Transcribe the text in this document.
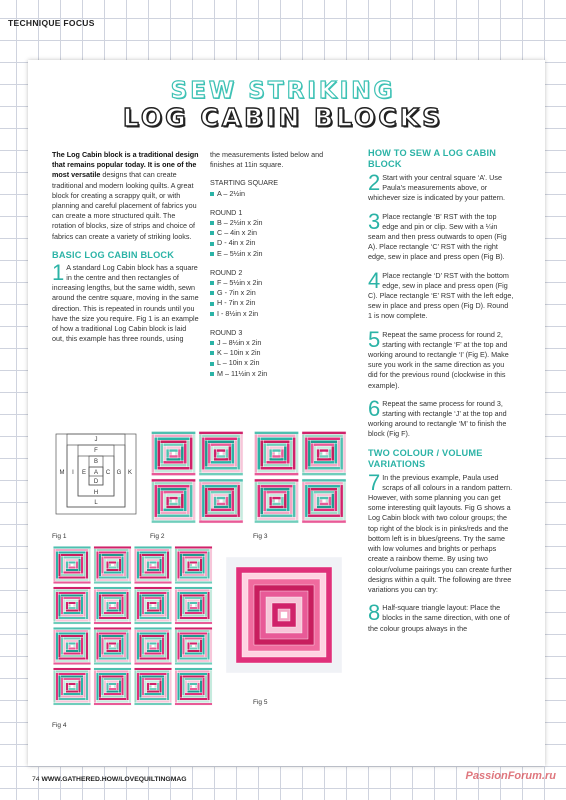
TECHNIQUE FOCUS
SEW STRIKING
LOG CABIN BLOCKS
The Log Cabin block is a traditional design that remains popular today. It is one of the most versatile designs that can create traditional and modern looking quilts. A great block for creating a scrappy quilt, or with planning and careful placement of fabrics you can create a more structured quilt. The rotation of blocks, size of strips and choice of fabrics can create a variety of striking looks.
BASIC LOG CABIN BLOCK
1 A standard Log Cabin block has a square in the centre and then rectangles of increasing lengths, but the same width, sewn around the centre square, moving in the same direction. This is repeated in rounds until you have the size you require. Fig 1 is an example of how a traditional Log Cabin block is laid out, this example has three rounds, using
the measurements listed below and finishes at 11in square.
STARTING SQUARE
A – 2½in
ROUND 1
B – 2½in x 2in
C – 4in x 2in
D - 4in x 2in
E – 5½in x 2in
ROUND 2
F – 5½in x 2in
G - 7in x 2in
H - 7in x 2in
I - 8½in x 2in
ROUND 3
J – 8½in x 2in
K – 10in x 2in
L – 10in x 2in
M – 11½in x 2in
HOW TO SEW A LOG CABIN BLOCK
2 Start with your central square ‘A’. Use Paula’s measurements above, or whichever size is indicated by your pattern.
3 Place rectangle ‘B’ RST with the top edge and pin or clip. Sew with a ¼in seam and then press outwards to open (Fig A). Place rectangle ‘C’ RST with the right edge, sew in place and press open (Fig B).
4 Place rectangle ‘D’ RST with the bottom edge, sew in place and press open (Fig C). Place rectangle ‘E’ RST with the left edge, sew in place and press open (Fig D). Round 1 is now complete.
5 Repeat the same process for round 2, starting with rectangle ‘F’ at the top and working around to rectangle ‘I’ (Fig E). Make sure you work in the same direction as you did for the previous round (clockwise in this example).
6 Repeat the same process for round 3, starting with rectangle ‘J’ at the top and working around to rectangle ‘M’ to finish the block (Fig F).
TWO COLOUR / VOLUME VARIATIONS
7 In the previous example, Paula used scraps of all colours in a random pattern. However, with some planning you can get some interesting quilt layouts. Fig G shows a Log Cabin block with two colour groups; the top right of the block is in pinks/reds and the bottom left is in blues/greens. Try the same with low volumes and brights or perhaps create a rainbow theme. By using two colour/volume pairings you can create further designs within a quilt. The following are three variations you can try:
8 Half-square triangle layout: Place the blocks in the same direction, with one of the colour groups always in the
J
F
B
A C G K
D
H
L
M I E
Fig 1	Fig 2	Fig 3
Fig 4
Fig 5
74 WWW.GATHERED.HOW/LOVEQUILTINGMAG	PassionForum.ru
